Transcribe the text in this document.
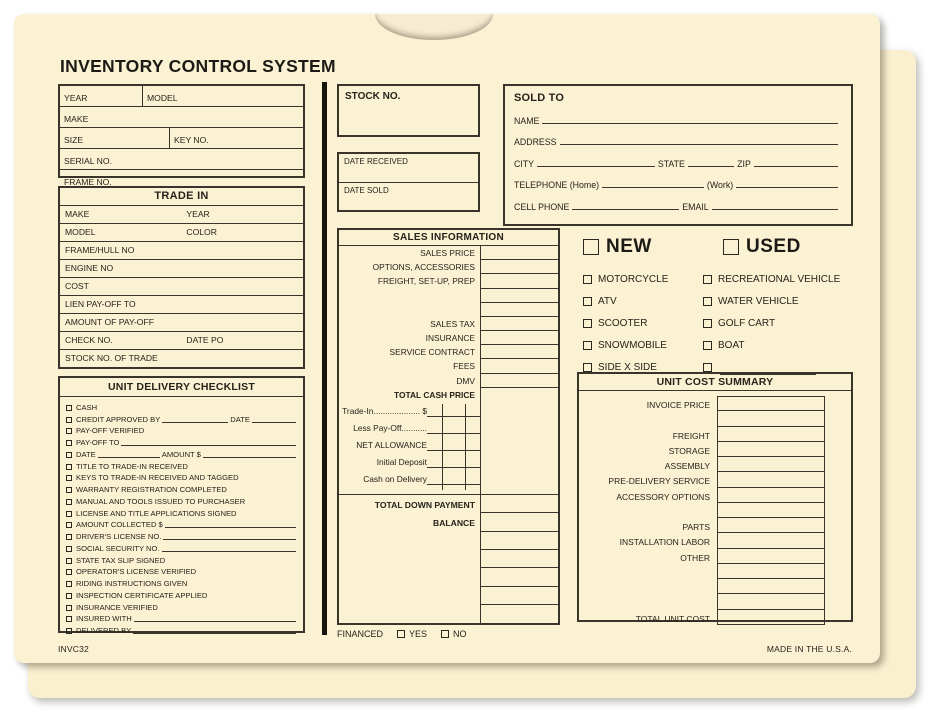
INVENTORY CONTROL SYSTEM
YEAR	MODEL
MAKE
SIZE	KEY NO.
SERIAL NO.
FRAME NO.
TRADE IN
MAKE	YEAR
MODEL	COLOR
FRAME/HULL NO
ENGINE NO
COST
LIEN PAY-OFF TO
AMOUNT OF PAY-OFF
CHECK NO.	DATE PO
STOCK NO. OF TRADE
UNIT DELIVERY CHECKLIST
CASH
CREDIT APPROVED BY	DATE
PAY-OFF VERIFIED
PAY-OFF TO
DATE	AMOUNT $
TITLE TO TRADE-IN RECEIVED
KEYS TO TRADE-IN RECEIVED AND TAGGED
WARRANTY REGISTRATION COMPLETED
MANUAL AND TOOLS ISSUED TO PURCHASER
LICENSE AND TITLE APPLICATIONS SIGNED
AMOUNT COLLECTED $
DRIVER'S LICENSE NO.
SOCIAL SECURITY NO.
STATE TAX SLIP SIGNED
OPERATOR'S LICENSE VERIFIED
RIDING INSTRUCTIONS GIVEN
INSPECTION CERTIFICATE APPLIED
INSURANCE VERIFIED
INSURED WITH
DELIVERED BY
INVC32
STOCK NO.
DATE RECEIVED
DATE SOLD
SALES INFORMATION
SALES PRICE
OPTIONS, ACCESSORIES
FREIGHT, SET-UP, PREP
SALES TAX
INSURANCE
SERVICE CONTRACT
FEES
DMV
TOTAL CASH PRICE
Trade-In.................... $
Less Pay-Off...........
NET ALLOWANCE
Initial Deposit
Cash on Delivery
TOTAL DOWN PAYMENT
BALANCE
FINANCED	YES	NO
SOLD TO
NAME
ADDRESS
CITY	STATE	ZIP
TELEPHONE (Home)	(Work)
CELL PHONE	EMAIL
NEW	USED
MOTORCYCLE	RECREATIONAL VEHICLE
ATV	WATER VEHICLE
SCOOTER	GOLF CART
SNOWMOBILE	BOAT
SIDE X SIDE
UNIT COST SUMMARY
INVOICE PRICE
FREIGHT
STORAGE
ASSEMBLY
PRE-DELIVERY SERVICE
ACCESSORY OPTIONS
PARTS
INSTALLATION LABOR
OTHER
TOTAL UNIT COST
MADE IN THE U.S.A.
